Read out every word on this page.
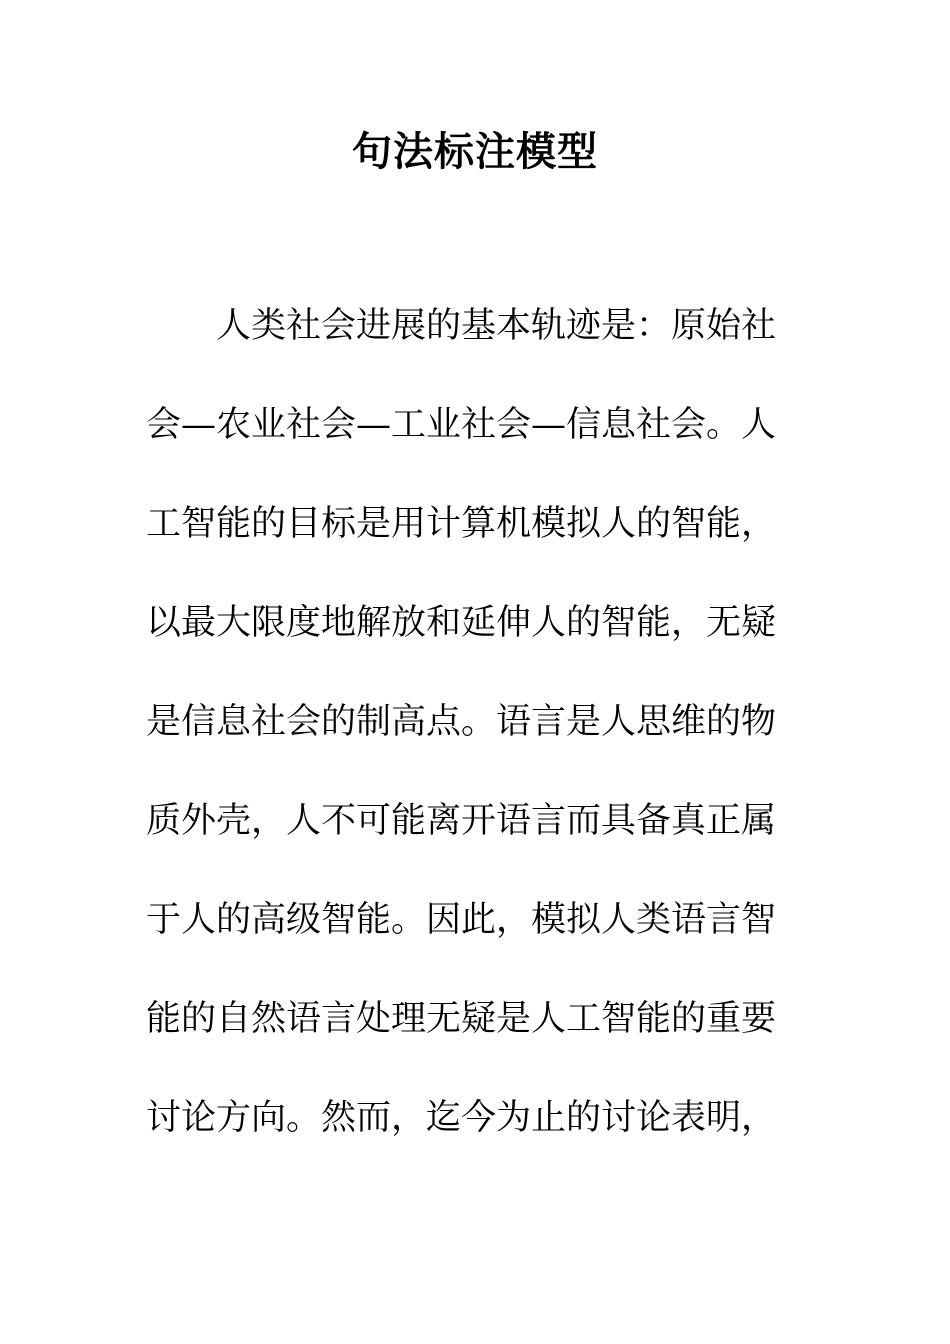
句法标注模型
人类社会进展的基本轨迹是：原始社
会—农业社会—工业社会—信息社会。人
工智能的目标是用计算机模拟人的智能，
以最大限度地解放和延伸人的智能，无疑
是信息社会的制高点。语言是人思维的物
质外壳，人不可能离开语言而具备真正属
于人的高级智能。因此，模拟人类语言智
能的自然语言处理无疑是人工智能的重要
讨论方向。然而，迄今为止的讨论表明，
